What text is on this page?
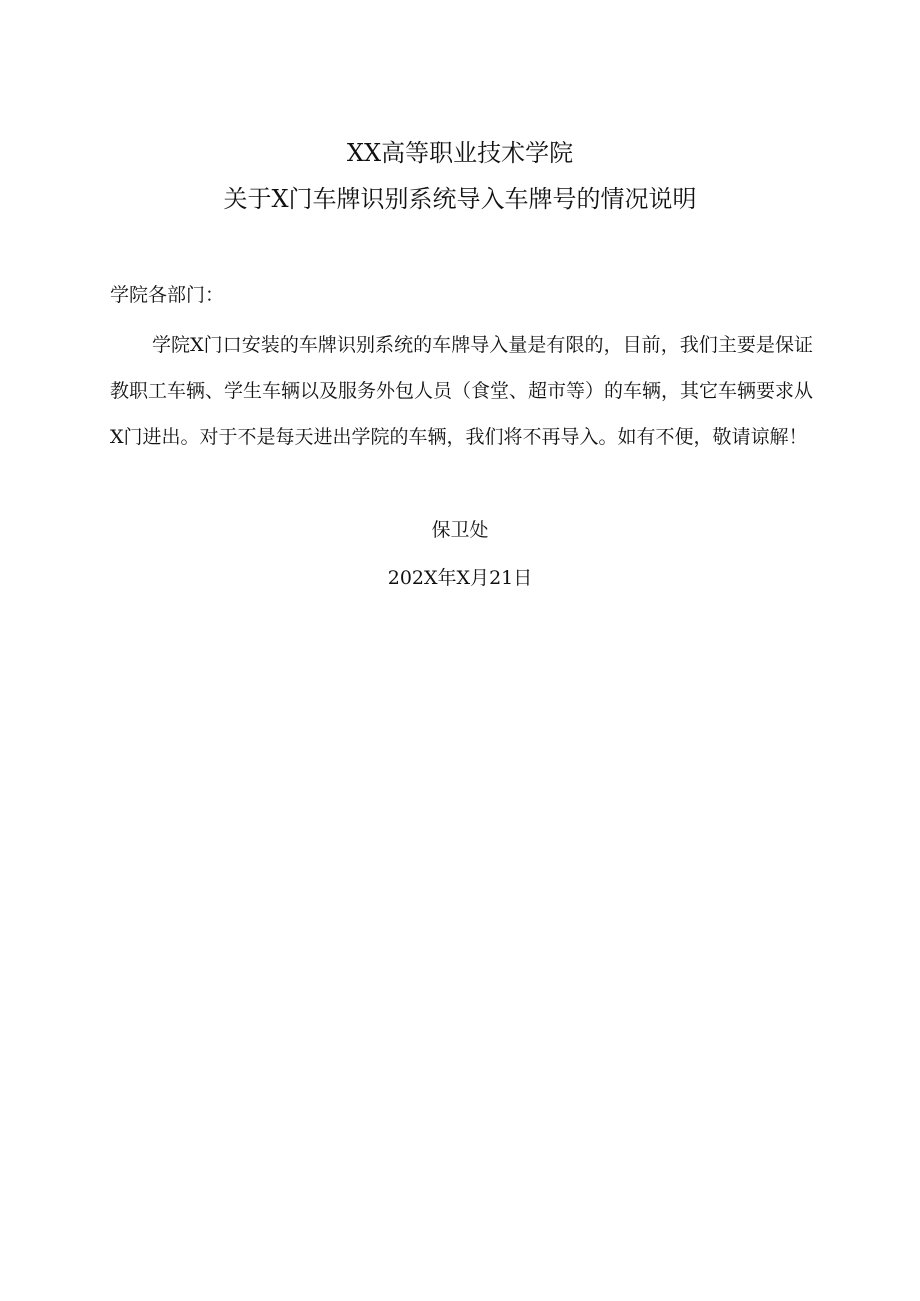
XX高等职业技术学院
关于X门车牌识别系统导入车牌号的情况说明
学院各部门：
学院X门口安装的车牌识别系统的车牌导入量是有限的，目前，我们主要是保证教职工车辆、学生车辆以及服务外包人员（食堂、超市等）的车辆，其它车辆要求从X门进出。对于不是每天进出学院的车辆，我们将不再导入。如有不便，敬请谅解！
保卫处
202X年X月21日
